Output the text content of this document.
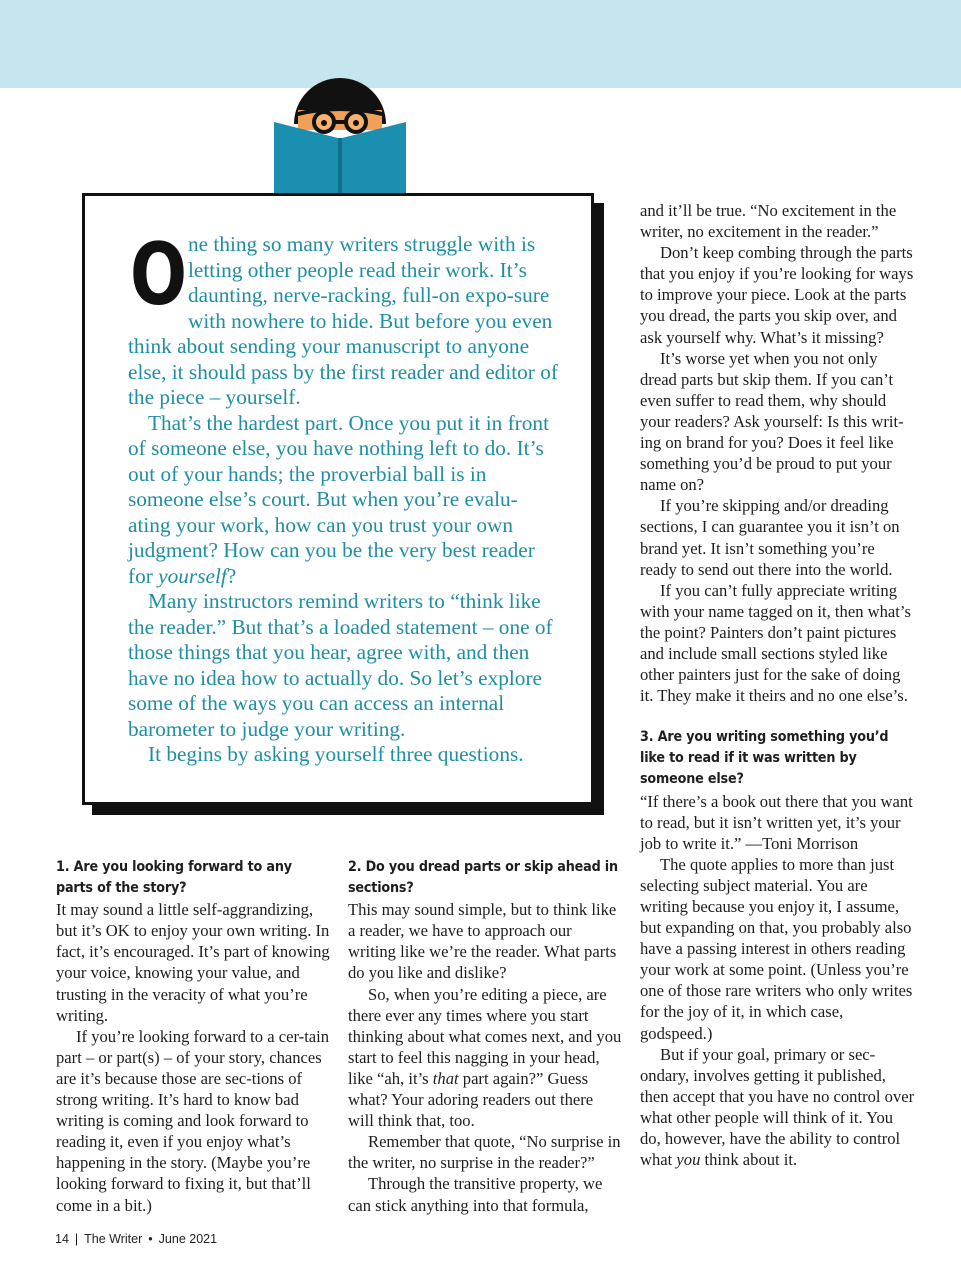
O ne thing so many writers struggle with is letting other people read their work. It’s daunting, nerve-racking, full-on expo-sure with nowhere to hide. But before you even think about sending your manuscript to anyone else, it should pass by the first reader and editor of the piece – yourself.

That’s the hardest part. Once you put it in front of someone else, you have nothing left to do. It’s out of your hands; the proverbial ball is in someone else’s court. But when you’re evalu-ating your work, how can you trust your own judgment? How can you be the very best reader for yourself?

Many instructors remind writers to “think like the reader.” But that’s a loaded statement – one of those things that you hear, agree with, and then have no idea how to actually do. So let’s explore some of the ways you can access an internal barometer to judge your writing.

It begins by asking yourself three questions.

1. Are you looking forward to any parts of the story?

It may sound a little self-aggrandizing, but it’s OK to enjoy your own writing. In fact, it’s encouraged. It’s part of knowing your voice, knowing your value, and trusting in the veracity of what you’re writing.

If you’re looking forward to a cer-tain part – or part(s) – of your story, chances are it’s because those are sec-tions of strong writing. It’s hard to know bad writing is coming and look forward to reading it, even if you enjoy what’s happening in the story. (Maybe you’re looking forward to fixing it, but that’ll come in a bit.)

2. Do you dread parts or skip ahead in sections?

This may sound simple, but to think like a reader, we have to approach our writing like we’re the reader. What parts do you like and dislike?

So, when you’re editing a piece, are there ever any times where you start thinking about what comes next, and you start to feel this nagging in your head, like “ah, it’s that part again?” Guess what? Your adoring readers out there will think that, too.

Remember that quote, “No surprise in the writer, no surprise in the reader?”

Through the transitive property, we can stick anything into that formula,

and it’ll be true. “No excitement in the writer, no excitement in the reader.”

Don’t keep combing through the parts that you enjoy if you’re looking for ways to improve your piece. Look at the parts you dread, the parts you skip over, and ask yourself why. What’s it missing?

It’s worse yet when you not only dread parts but skip them. If you can’t even suffer to read them, why should your readers? Ask yourself: Is this writ-ing on brand for you? Does it feel like something you’d be proud to put your name on?

If you’re skipping and/or dreading sections, I can guarantee you it isn’t on brand yet. It isn’t something you’re ready to send out there into the world.

If you can’t fully appreciate writing with your name tagged on it, then what’s the point? Painters don’t paint pictures and include small sections styled like other painters just for the sake of doing it. They make it theirs and no one else’s.

3. Are you writing something you’d like to read if it was written by someone else?

“If there’s a book out there that you want to read, but it isn’t written yet, it’s your job to write it.” —Toni Morrison

The quote applies to more than just selecting subject material. You are writing because you enjoy it, I assume, but expanding on that, you probably also have a passing interest in others reading your work at some point. (Unless you’re one of those rare writers who only writes for the joy of it, in which case, godspeed.)

But if your goal, primary or sec-ondary, involves getting it published, then accept that you have no control over what other people will think of it. You do, however, have the ability to control what you think about it.

14 | The Writer • June 2021
